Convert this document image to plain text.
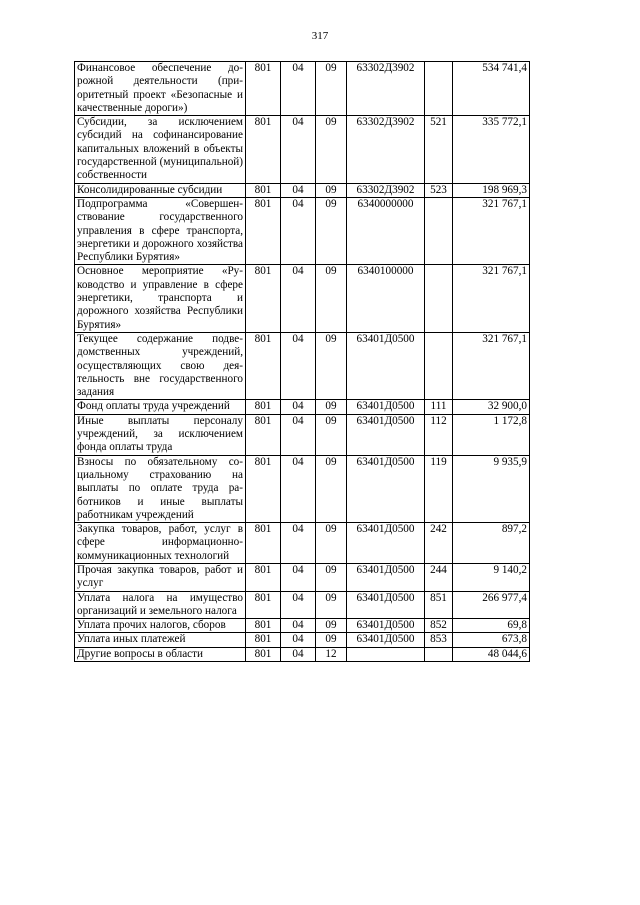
317
Финансовое обеспечение дорожной деятельности (приоритетный проект «Безопасные и качественные дороги»)	801	04	09	63302Д3902		534 741,4
Субсидии, за исключением субсидий на софинансирование капитальных вложений в объекты государственной (муниципальной) собственности	801	04	09	63302Д3902	521	335 772,1
Консолидированные субсидии	801	04	09	63302Д3902	523	198 969,3
Подпрограмма «Совершенствование государственного управления в сфере транспорта, энергетики и дорожного хозяйства Республики Бурятия»	801	04	09	6340000000		321 767,1
Основное мероприятие «Руководство и управление в сфере энергетики, транспорта и дорожного хозяйства Республики Бурятия»	801	04	09	6340100000		321 767,1
Текущее содержание подведомственных учреждений, осуществляющих свою деятельность вне государственного задания	801	04	09	63401Д0500		321 767,1
Фонд оплаты труда учреждений	801	04	09	63401Д0500	111	32 900,0
Иные выплаты персоналу учреждений, за исключением фонда оплаты труда	801	04	09	63401Д0500	112	1 172,8
Взносы по обязательному социальному страхованию на выплаты по оплате труда работников и иные выплаты работникам учреждений	801	04	09	63401Д0500	119	9 935,9
Закупка товаров, работ, услуг в сфере информационно-коммуникационных технологий	801	04	09	63401Д0500	242	897,2
Прочая закупка товаров, работ и услуг	801	04	09	63401Д0500	244	9 140,2
Уплата налога на имущество организаций и земельного налога	801	04	09	63401Д0500	851	266 977,4
Уплата прочих налогов, сборов	801	04	09	63401Д0500	852	69,8
Уплата иных платежей	801	04	09	63401Д0500	853	673,8
Другие вопросы в области	801	04	12			48 044,6
